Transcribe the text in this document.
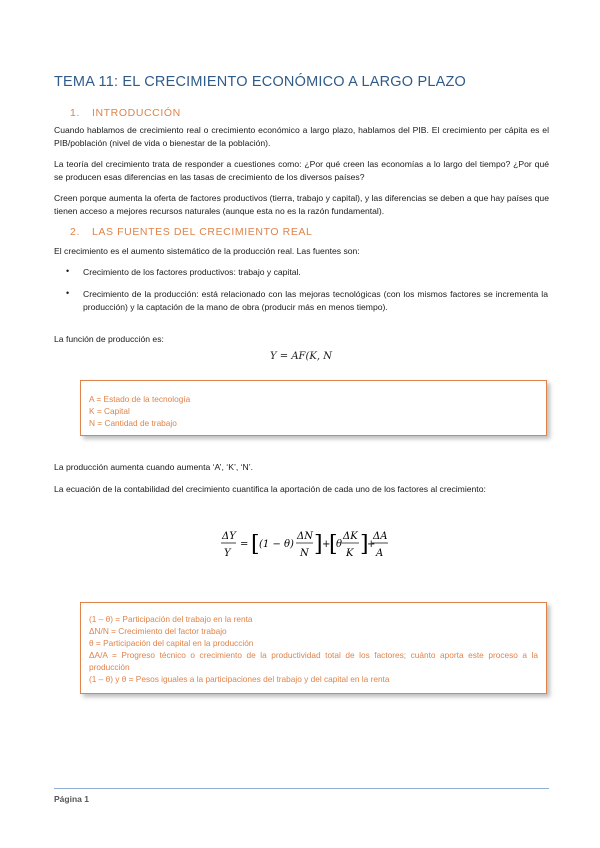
TEMA 11: EL CRECIMIENTO ECONÓMICO A LARGO PLAZO
1. INTRODUCCIÓN
Cuando hablamos de crecimiento real o crecimiento económico a largo plazo, hablamos del PIB. El crecimiento per cápita es el PIB/población (nivel de vida o bienestar de la población).
La teoría del crecimiento trata de responder a cuestiones como: ¿Por qué creen las economías a lo largo del tiempo? ¿Por qué se producen esas diferencias en las tasas de crecimiento de los diversos países?
Creen porque aumenta la oferta de factores productivos (tierra, trabajo y capital), y las diferencias se deben a que hay países que tienen acceso a mejores recursos naturales (aunque esta no es la razón fundamental).
2. LAS FUENTES DEL CRECIMIENTO REAL
El crecimiento es el aumento sistemático de la producción real. Las fuentes son:
• Crecimiento de los factores productivos: trabajo y capital.
• Crecimiento de la producción: está relacionado con las mejoras tecnológicas (con los mismos factores se incrementa la producción) y la captación de la mano de obra (producir más en menos tiempo).
La función de producción es:
Y = AF(K, N
A = Estado de la tecnología
K = Capital
N = Cantidad de trabajo
La producción aumenta cuando aumenta ‘A’, ‘K’, ‘N’.
La ecuación de la contabilidad del crecimiento cuantifica la aportación de cada uno de los factores al crecimiento:
ΔY
Y
= [ (1 − θ)
ΔN
N ] +
[
θ
ΔK
K ]
+
ΔA
A
(1 – θ) = Participación del trabajo en la renta
ΔN/N = Crecimiento del factor trabajo
θ = Participación del capital en la producción
ΔA/A = Progreso técnico o crecimiento de la productividad total de los factores; cuánto aporta este proceso a la producción
(1 – θ) y θ = Pesos iguales a la participaciones del trabajo y del capital en la renta
Página 1
